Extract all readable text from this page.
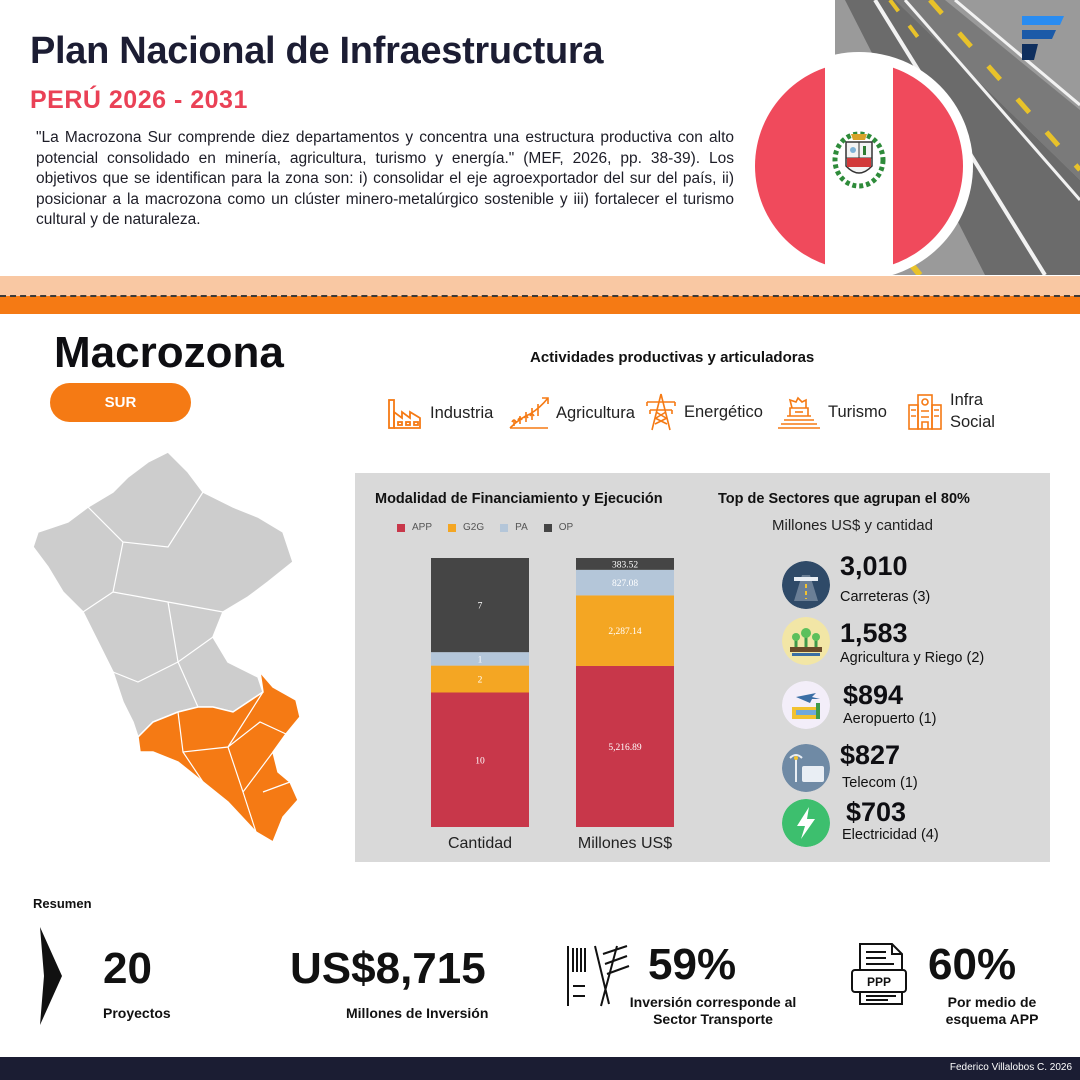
Plan Nacional de Infraestructura
PERÚ 2026 - 2031
"La Macrozona Sur comprende diez departamentos y concentra una estructura productiva con alto potencial consolidado en minería, agricultura, turismo y energía." (MEF, 2026, pp. 38-39). Los objetivos que se identifican para la zona son: i) consolidar el eje agroexportador del sur del país, ii) posicionar a la macrozona como un clúster minero-metalúrgico sostenible y iii) fortalecer el turismo cultural y de naturaleza.
Macrozona
SUR
Actividades productivas y articuladoras
Industria	Agricultura	Energético	Turismo
Infra
Social
Modalidad de Financiamiento y Ejecución
APP	G2G	PA	OP
10
2
1
7
Cantidad
5,216.89
2,287.14
827.08
383.52
Millones US$
Top de Sectores que agrupan el 80%
Millones US$ y cantidad
3,010
Carreteras (3)
1,583
Agricultura y Riego (2)
$894
Aeropuerto (1)
$827
Telecom (1)
$703
Electricidad (4)
Resumen
20
Proyectos
US$8,715
Millones de Inversión
59%
Inversión corresponde al
Sector Transporte
PPP 60%
Por medio de
esquema APP
Federico Villalobos C. 2026
